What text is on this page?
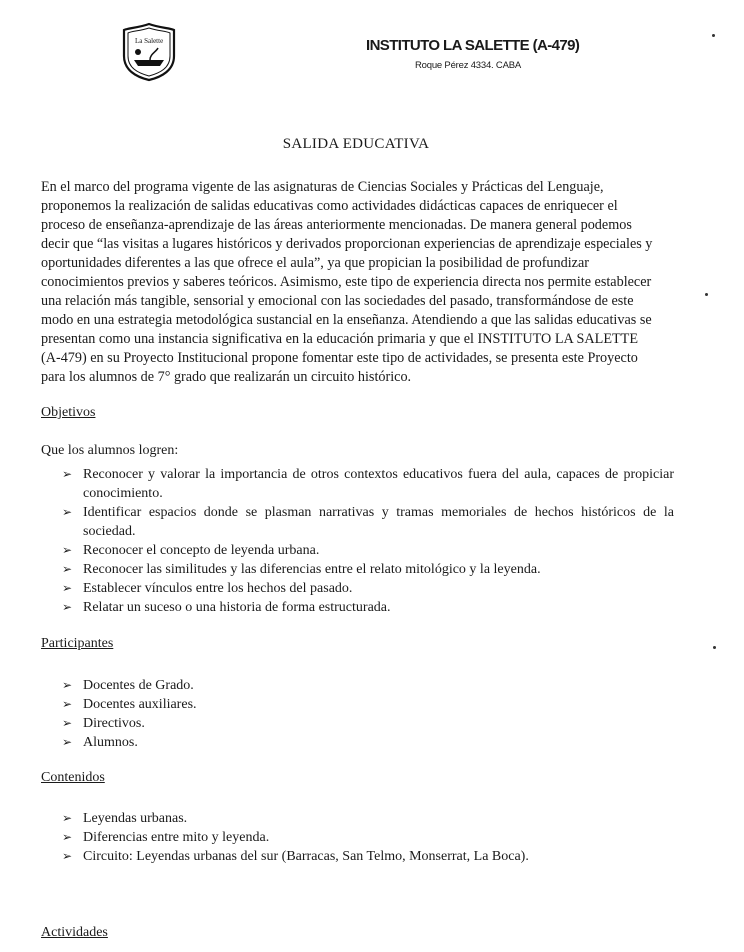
La Salette	INSTITUTO LA SALETTE (A-479)
Roque Pérez 4334. CABA
SALIDA EDUCATIVA

En el marco del programa vigente de las asignaturas de Ciencias Sociales y Prácticas del Lenguaje,
proponemos la realización de salidas educativas como actividades didácticas capaces de enriquecer el
proceso de enseñanza-aprendizaje de las áreas anteriormente mencionadas. De manera general podemos
decir que “las visitas a lugares históricos y derivados proporcionan experiencias de aprendizaje especiales y
oportunidades diferentes a las que ofrece el aula”, ya que propician la posibilidad de profundizar
conocimientos previos y saberes teóricos. Asimismo, este tipo de experiencia directa nos permite establecer
una relación más tangible, sensorial y emocional con las sociedades del pasado, transformándose de este
modo en una estrategia metodológica sustancial en la enseñanza. Atendiendo a que las salidas educativas se
presentan como una instancia significativa en la educación primaria y que el INSTITUTO LA SALETTE
(A-479) en su Proyecto Institucional propone fomentar este tipo de actividades, se presenta este Proyecto
para los alumnos de 7° grado que realizarán un circuito histórico.

Objetivos
Que los alumnos logren:
➢ Reconocer y valorar la importancia de otros contextos educativos fuera del aula, capaces de propiciar conocimiento.
➢ Identificar espacios donde se plasman narrativas y tramas memoriales de hechos históricos de la sociedad.
➢ Reconocer el concepto de leyenda urbana.
➢ Reconocer las similitudes y las diferencias entre el relato mitológico y la leyenda.
➢ Establecer vínculos entre los hechos del pasado.
➢ Relatar un suceso o una historia de forma estructurada.
Participantes
➢ Docentes de Grado.
➢ Docentes auxiliares.
➢ Directivos.
➢ Alumnos.
Contenidos
➢ Leyendas urbanas.
➢ Diferencias entre mito y leyenda.
➢ Circuito: Leyendas urbanas del sur (Barracas, San Telmo, Monserrat, La Boca).
Actividades
